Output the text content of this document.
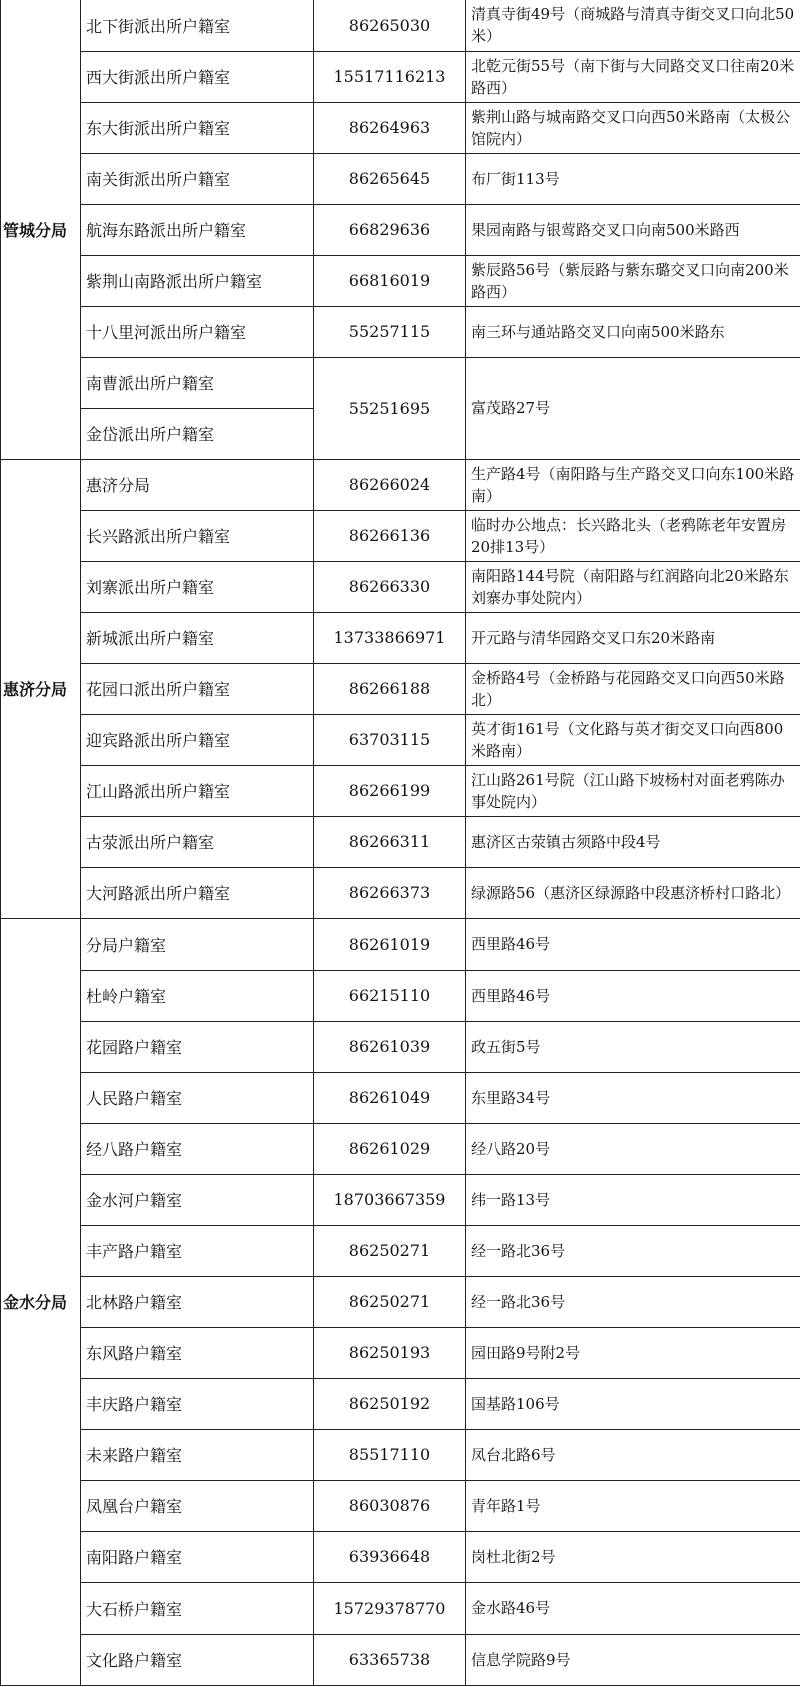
管城分局	北下街派出所户籍室	86265030	清真寺街49号（商城路与清真寺街交叉口向北50米）
	西大街派出所户籍室	15517116213	北乾元街55号（南下街与大同路交叉口往南20米路西）
	东大街派出所户籍室	86264963	紫荆山路与城南路交叉口向西50米路南（太极公馆院内）
	南关街派出所户籍室	86265645	布厂街113号
	航海东路派出所户籍室	66829636	果园南路与银莺路交叉口向南500米路西
	紫荆山南路派出所户籍室	66816019	紫辰路56号（紫辰路与紫东璐交叉口向南200米路西）
	十八里河派出所户籍室	55257115	南三环与通站路交叉口向南500米路东
	南曹派出所户籍室	55251695	富茂路27号
	金岱派出所户籍室		
惠济分局	惠济分局	86266024	生产路4号（南阳路与生产路交叉口向东100米路南）
	长兴路派出所户籍室	86266136	临时办公地点：长兴路北头（老鸦陈老年安置房20排13号）
	刘寨派出所户籍室	86266330	南阳路144号院（南阳路与红润路向北20米路东刘寨办事处院内）
	新城派出所户籍室	13733866971	开元路与清华园路交叉口东20米路南
	花园口派出所户籍室	86266188	金桥路4号（金桥路与花园路交叉口向西50米路北）
	迎宾路派出所户籍室	63703115	英才街161号（文化路与英才街交叉口向西800米路南）
	江山路派出所户籍室	86266199	江山路261号院（江山路下坡杨村对面老鸦陈办事处院内）
	古荥派出所户籍室	86266311	惠济区古荥镇古须路中段4号
	大河路派出所户籍室	86266373	绿源路56（惠济区绿源路中段惠济桥村口路北）
金水分局	分局户籍室	86261019	西里路46号
	杜岭户籍室	66215110	西里路46号
	花园路户籍室	86261039	政五街5号
	人民路户籍室	86261049	东里路34号
	经八路户籍室	86261029	经八路20号
	金水河户籍室	18703667359	纬一路13号
	丰产路户籍室	86250271	经一路北36号
	北林路户籍室	86250271	经一路北36号
	东风路户籍室	86250193	园田路9号附2号
	丰庆路户籍室	86250192	国基路106号
	未来路户籍室	85517110	凤台北路6号
	凤凰台户籍室	86030876	青年路1号
	南阳路户籍室	63936648	岗杜北街2号
	大石桥户籍室	15729378770	金水路46号
	文化路户籍室	63365738	信息学院路9号
